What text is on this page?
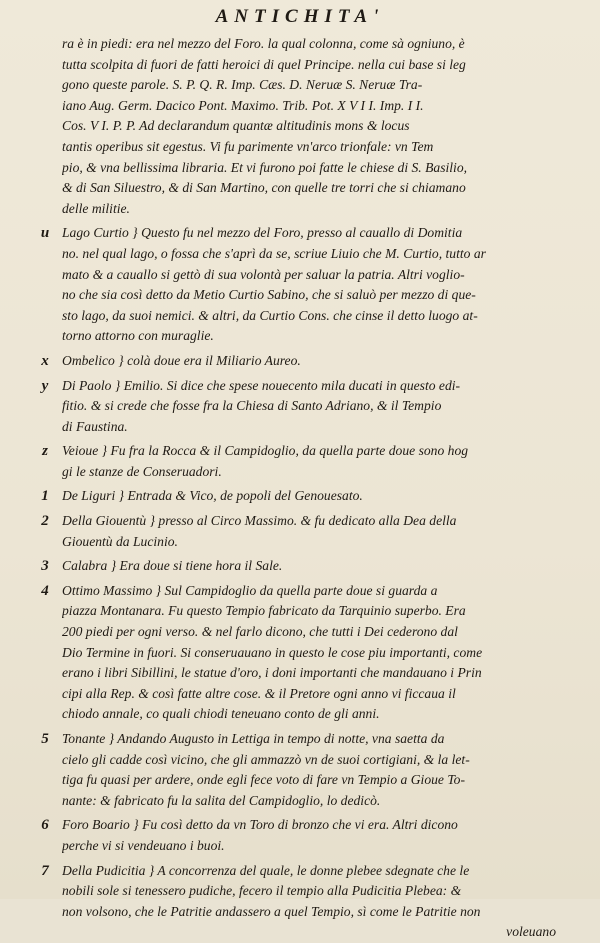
ANTICHITA'
ra è in piedi: era nel mezzo del Foro. la qual colonna, come sà ogniuno, è
tutta scolpita di fuori de fatti heroici di quel Principe. nella cui base si leg
gono queste parole. S. P. Q. R. Imp. Cæs. D. Neruæ S. Neruæ Tra-
iano Aug. Germ. Dacico Pont. Maximo. Trib. Pot. X V I I. Imp. I I.
Cos. V I. P. P. Ad declarandum quantæ altitudinis mons & locus
tantis operibus sit egestus. Vi fu parimente vn'arco trionfale: vn Tem
pio, & vna bellissima libraria. Et vi furono poi fatte le chiese di S. Basilio,
& di San Siluestro, & di San Martino, con quelle tre torri che si chiamano
delle militie.
u Lago Curtio } Questo fu nel mezzo del Foro, presso al cauallo di Domitia
no. nel qual lago, o fossa che s'aprì da se, scriue Liuio che M. Curtio, tutto ar
mato & a cauallo si gettò di sua volontà per saluar la patria. Altri voglio-
no che sia così detto da Metio Curtio Sabino, che si saluò per mezzo di que-
sto lago, da suoi nemici. & altri, da Curtio Cons. che cinse il detto luogo at-
torno attorno con muraglie.
x Ombelico } colà doue era il Miliario Aureo.
y	Di Paolo } Emilio. Si dice che spese nouecento mila ducati in questo edi-
fitio. & si crede che fosse fra la Chiesa di Santo Adriano, & il Tempio
di Faustina.
z	Veioue } Fu fra la Rocca & il Campidoglio, da quella parte doue sono hog
gi le stanze de Conseruadori.
1 De Liguri } Entrada & Vico, de popoli del Genouesato.
2 Della Giouentù } presso al Circo Massimo. & fu dedicato alla Dea della
Giouentù da Lucinio.
3 Calabra } Era doue si tiene hora il Sale.
4 Ottimo Massimo } Sul Campidoglio da quella parte doue si guarda a
piazza Montanara. Fu questo Tempio fabricato da Tarquinio superbo. Era
200 piedi per ogni verso. & nel farlo dicono, che tutti i Dei cederono dal
Dio Termine in fuori. Si conseruauano in questo le cose piu importanti, come
erano i libri Sibillini, le statue d'oro, i doni importanti che mandauano i Prin
cipi alla Rep. & così fatte altre cose. & il Pretore ogni anno vi ficcaua il
chiodo annale, co quali chiodi teneuano conto de gli anni.
5 Tonante } Andando Augusto in Lettiga in tempo di notte, vna saetta da
cielo gli cadde così vicino, che gli ammazzò vn de suoi cortigiani, & la let-
tiga fu quasi per ardere, onde egli fece voto di fare vn Tempio a Gioue To-
nante: & fabricato fu la salita del Campidoglio, lo dedicò.
6 Foro Boario } Fu così detto da vn Toro di bronzo che vi era. Altri dicono
perche vi si vendeuano i buoi.
7 Della Pudicitia } A concorrenza del quale, le donne plebee sdegnate che le
nobili sole si tenessero pudiche, fecero il tempio alla Pudicitia Plebea: &
non volsono, che le Patritie andassero a quel Tempio, sì come le Patritie non
voleuano
